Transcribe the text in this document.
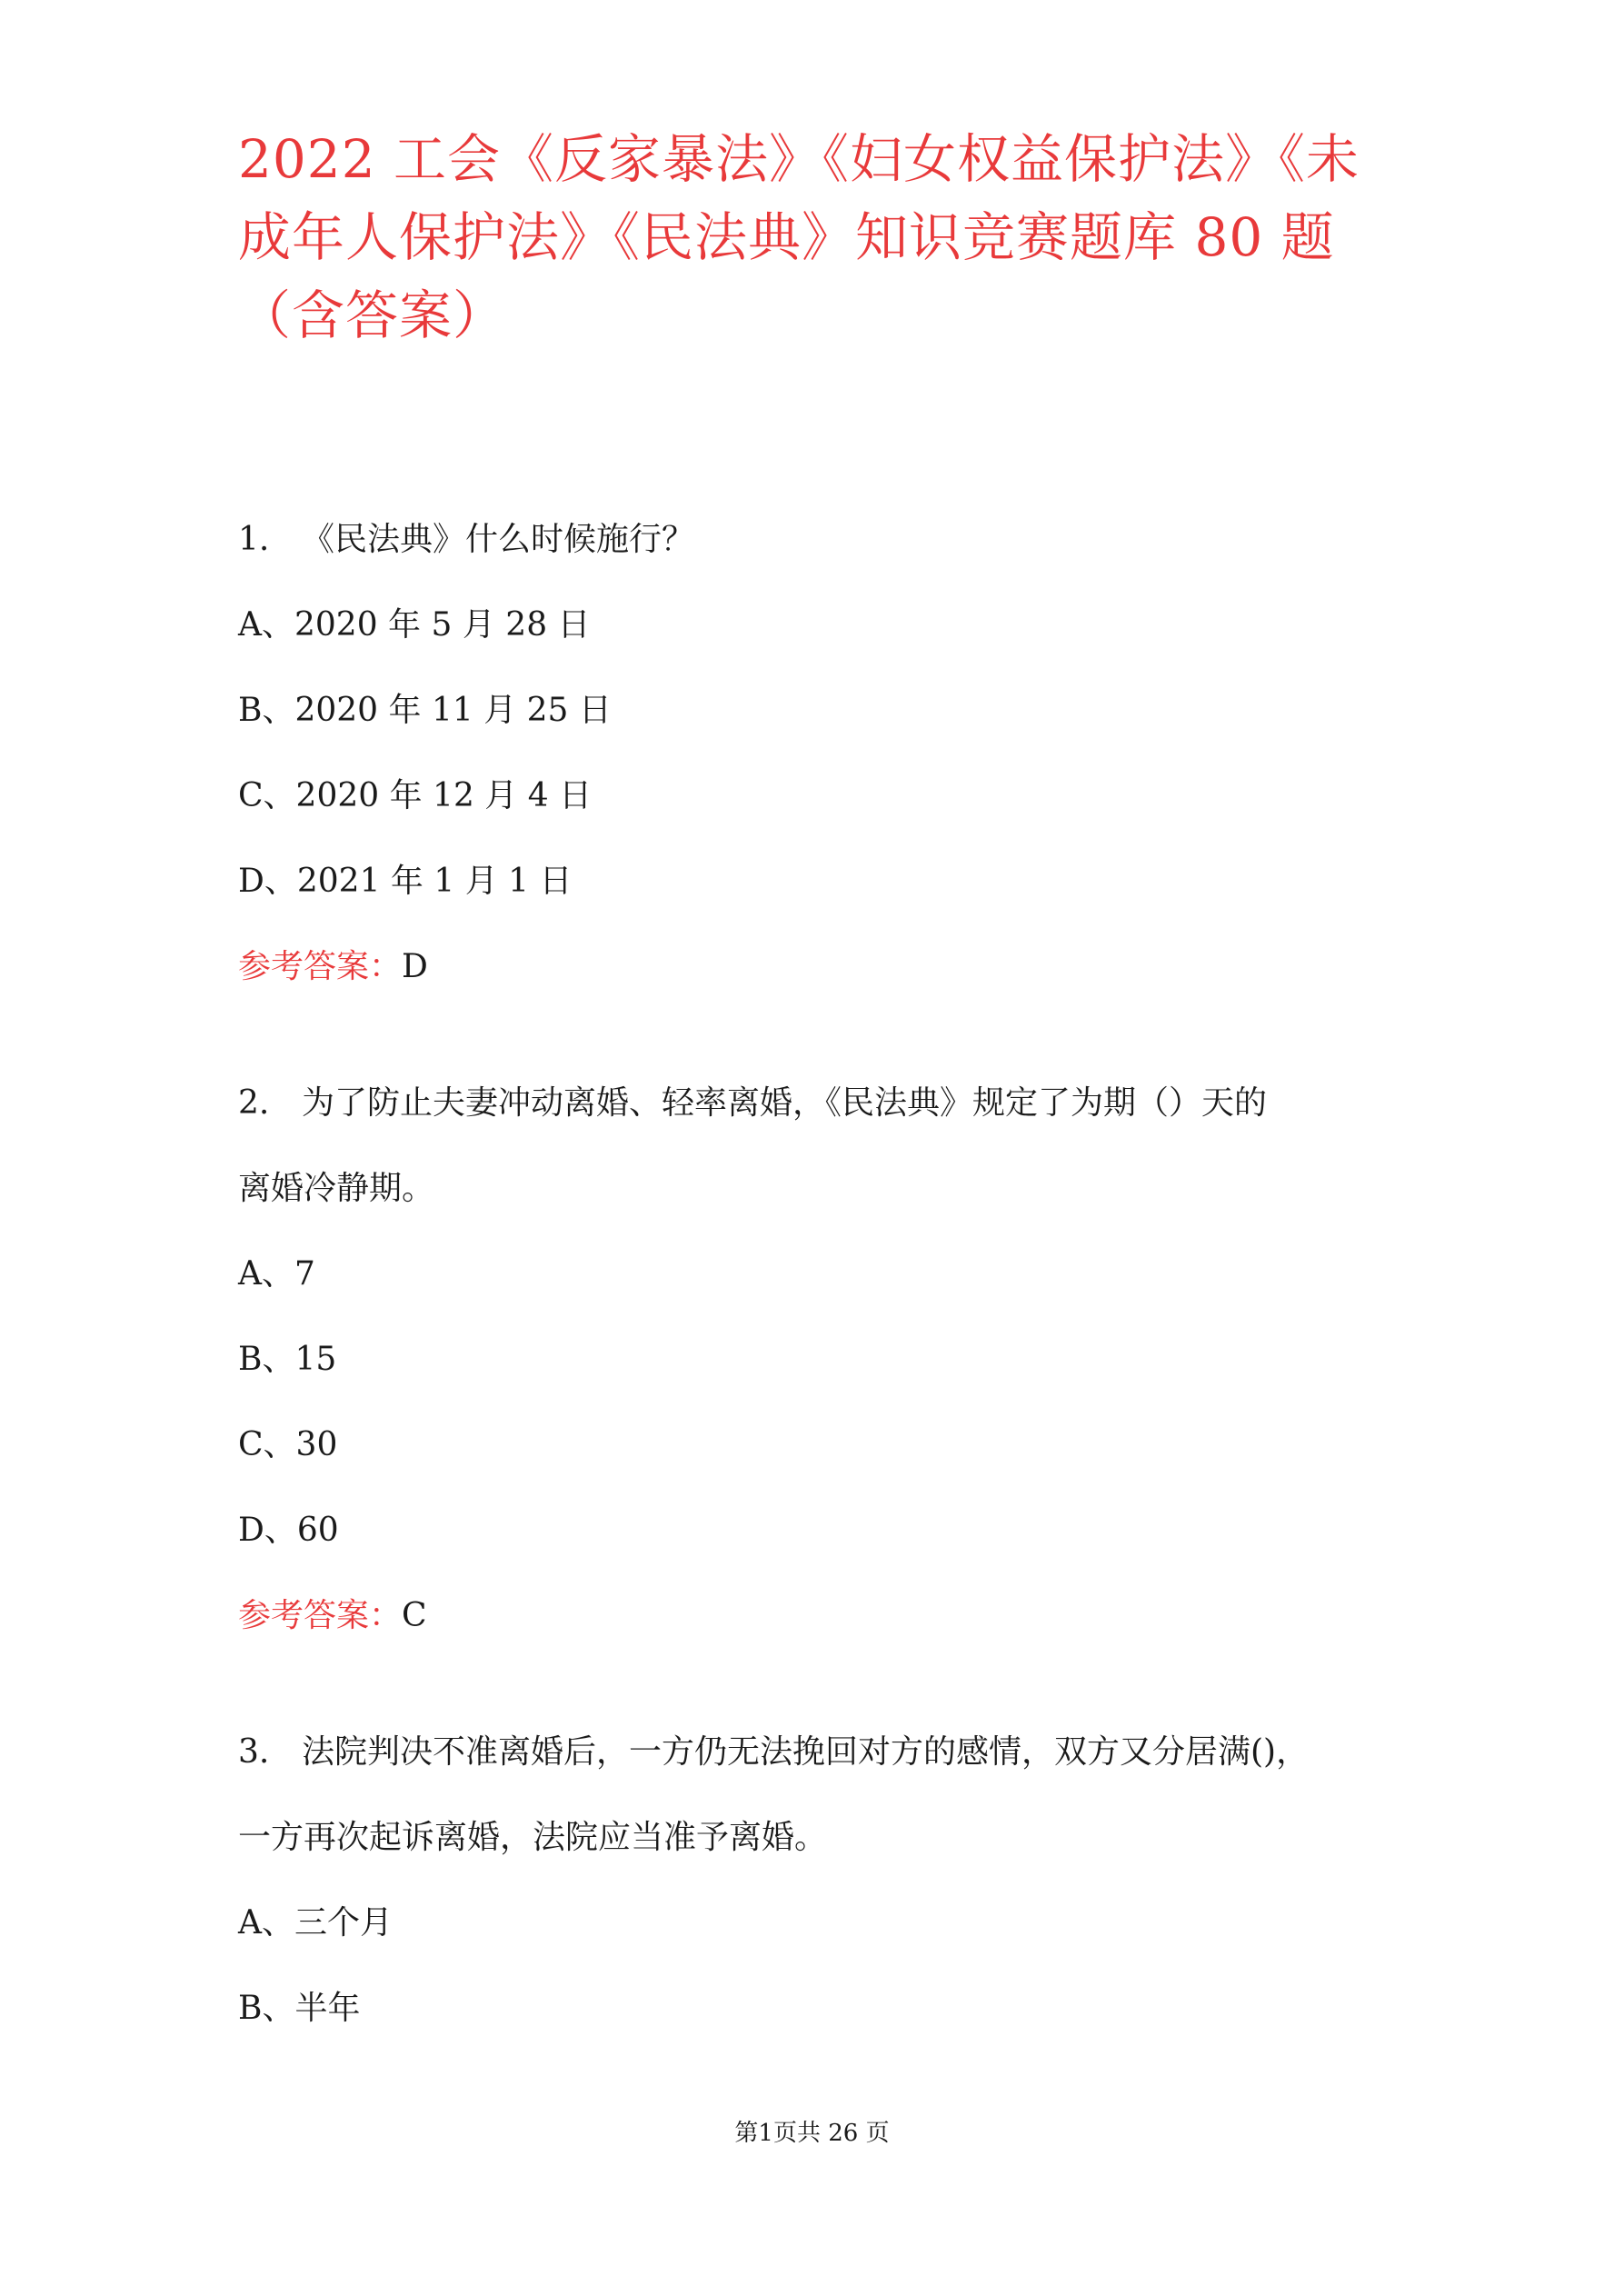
2022 工会《反家暴法》《妇女权益保护法》《未
成年人保护法》《民法典》知识竞赛题库 80 题
（含答案）
1. 《民法典》什么时候施行？
A、2020 年 5 月 28 日
B、2020 年 11 月 25 日
C、2020 年 12 月 4 日
D、2021 年 1 月 1 日
参考答案：D
2. 为了防止夫妻冲动离婚、轻率离婚，《民法典》规定了为期（）天的
离婚冷静期。
A、7
B、15
C、30
D、60
参考答案：C
3. 法院判决不准离婚后，一方仍无法挽回对方的感情，双方又分居满()，
一方再次起诉离婚，法院应当准予离婚。
A、三个月
B、半年
第1页共 26 页
